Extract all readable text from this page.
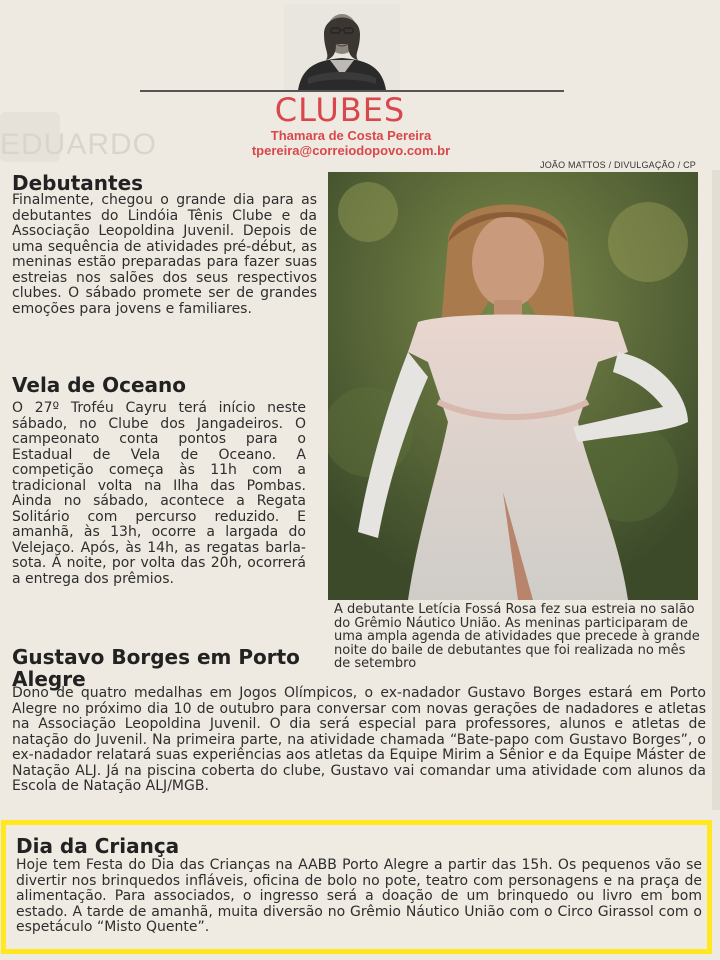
EDUARDO
CLUBES
Thamara de Costa Pereira
tpereira@correiodopovo.com.br
JOÃO MATTOS / DIVULGAÇÃO / CP
Debutantes

Finalmente, chegou o grande dia para as debutantes do Lindóia Tênis Clube e da Associação Leopoldina Juvenil. Depois de uma sequência de atividades pré-début, as meninas estão preparadas para fazer suas estreias nos salões dos seus respectivos clubes. O sábado promete ser de grandes emoções para jovens e familiares.

Vela de Oceano

O 27º Troféu Cayru terá início neste sábado, no Clube dos Jangadeiros. O campeonato conta pontos para o Estadual de Vela de Oceano. A competição começa às 11h com a tradicional volta na Ilha das Pombas. Ainda no sábado, acontece a Regata Solitário com percurso reduzido. E amanhã, às 13h, ocorre a largada do Velejaço. Após, às 14h, as regatas barla-sota. À noite, por volta das 20h, ocorrerá a entrega dos prêmios.

A debutante Letícia Fossá Rosa fez sua estreia no salão do Grêmio Náutico União. As meninas participaram de uma ampla agenda de atividades que precede à grande noite do baile de debutantes que foi realizada no mês de setembro

Gustavo Borges em Porto Alegre

Dono de quatro medalhas em Jogos Olímpicos, o ex-nadador Gustavo Borges estará em Porto Alegre no próximo dia 10 de outubro para conversar com novas gerações de nadadores e atletas na Associação Leopoldina Juvenil. O dia será especial para professores, alunos e atletas de natação do Juvenil. Na primeira parte, na atividade chamada “Bate-papo com Gustavo Borges”, o ex-nadador relatará suas experiências aos atletas da Equipe Mirim a Sênior e da Equipe Máster de Natação ALJ. Já na piscina coberta do clube, Gustavo vai comandar uma atividade com alunos da Escola de Natação ALJ/MGB.

Dia da Criança

Hoje tem Festa do Dia das Crianças na AABB Porto Alegre a partir das 15h. Os pequenos vão se divertir nos brinquedos infláveis, oficina de bolo no pote, teatro com personagens e na praça de alimentação. Para associados, o ingresso será a doação de um brinquedo ou livro em bom estado. A tarde de amanhã, muita diversão no Grêmio Náutico União com o Circo Girassol com o espetáculo “Misto Quente”.
